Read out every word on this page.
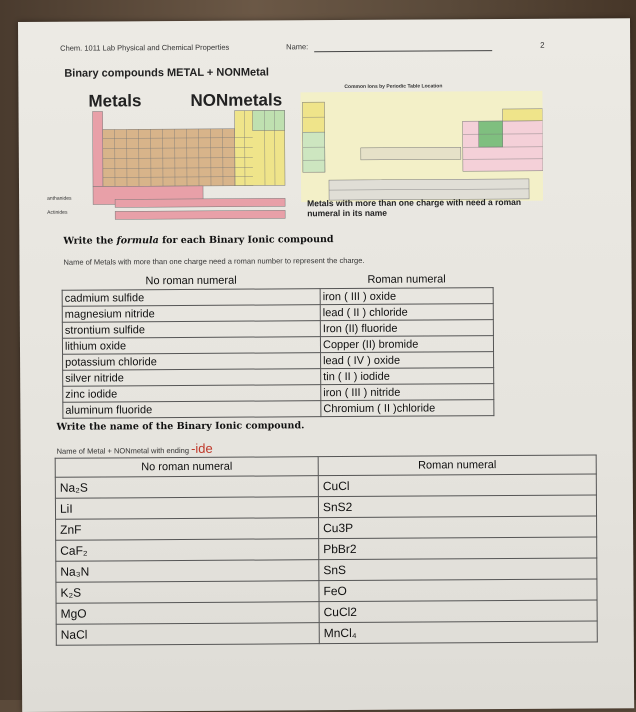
Chem. 1011 Lab Physical and Chemical Properties	Name:	2
Binary compounds METAL + NONMetal
Metals	NONmetals
anthanides
Actinides
Common Ions by Periodic Table Location
Metals with more than one charge with need a roman numeral in its name
Write the formula for each Binary Ionic compound
Name of Metals with more than one charge need a roman number to represent the charge.
No roman numeral	Roman numeral
cadmium sulfide	iron ( III ) oxide
magnesium nitride	lead ( II ) chloride
strontium sulfide	Iron (II) fluoride
lithium oxide	Copper (II) bromide
potassium chloride	lead ( IV ) oxide
silver nitride	tin ( II ) iodide
zinc iodide	iron ( III ) nitride
aluminum fluoride	Chromium ( II )chloride
Write the name of the Binary Ionic compound.
Name of Metal + NONmetal with ending -ide
No roman numeral	Roman numeral
Na₂S	CuCl
LiI	SnS2
ZnF	Cu3P
CaF₂	PbBr2
Na₃N	SnS
K₂S	FeO
MgO	CuCl2
NaCl	MnCl₄
